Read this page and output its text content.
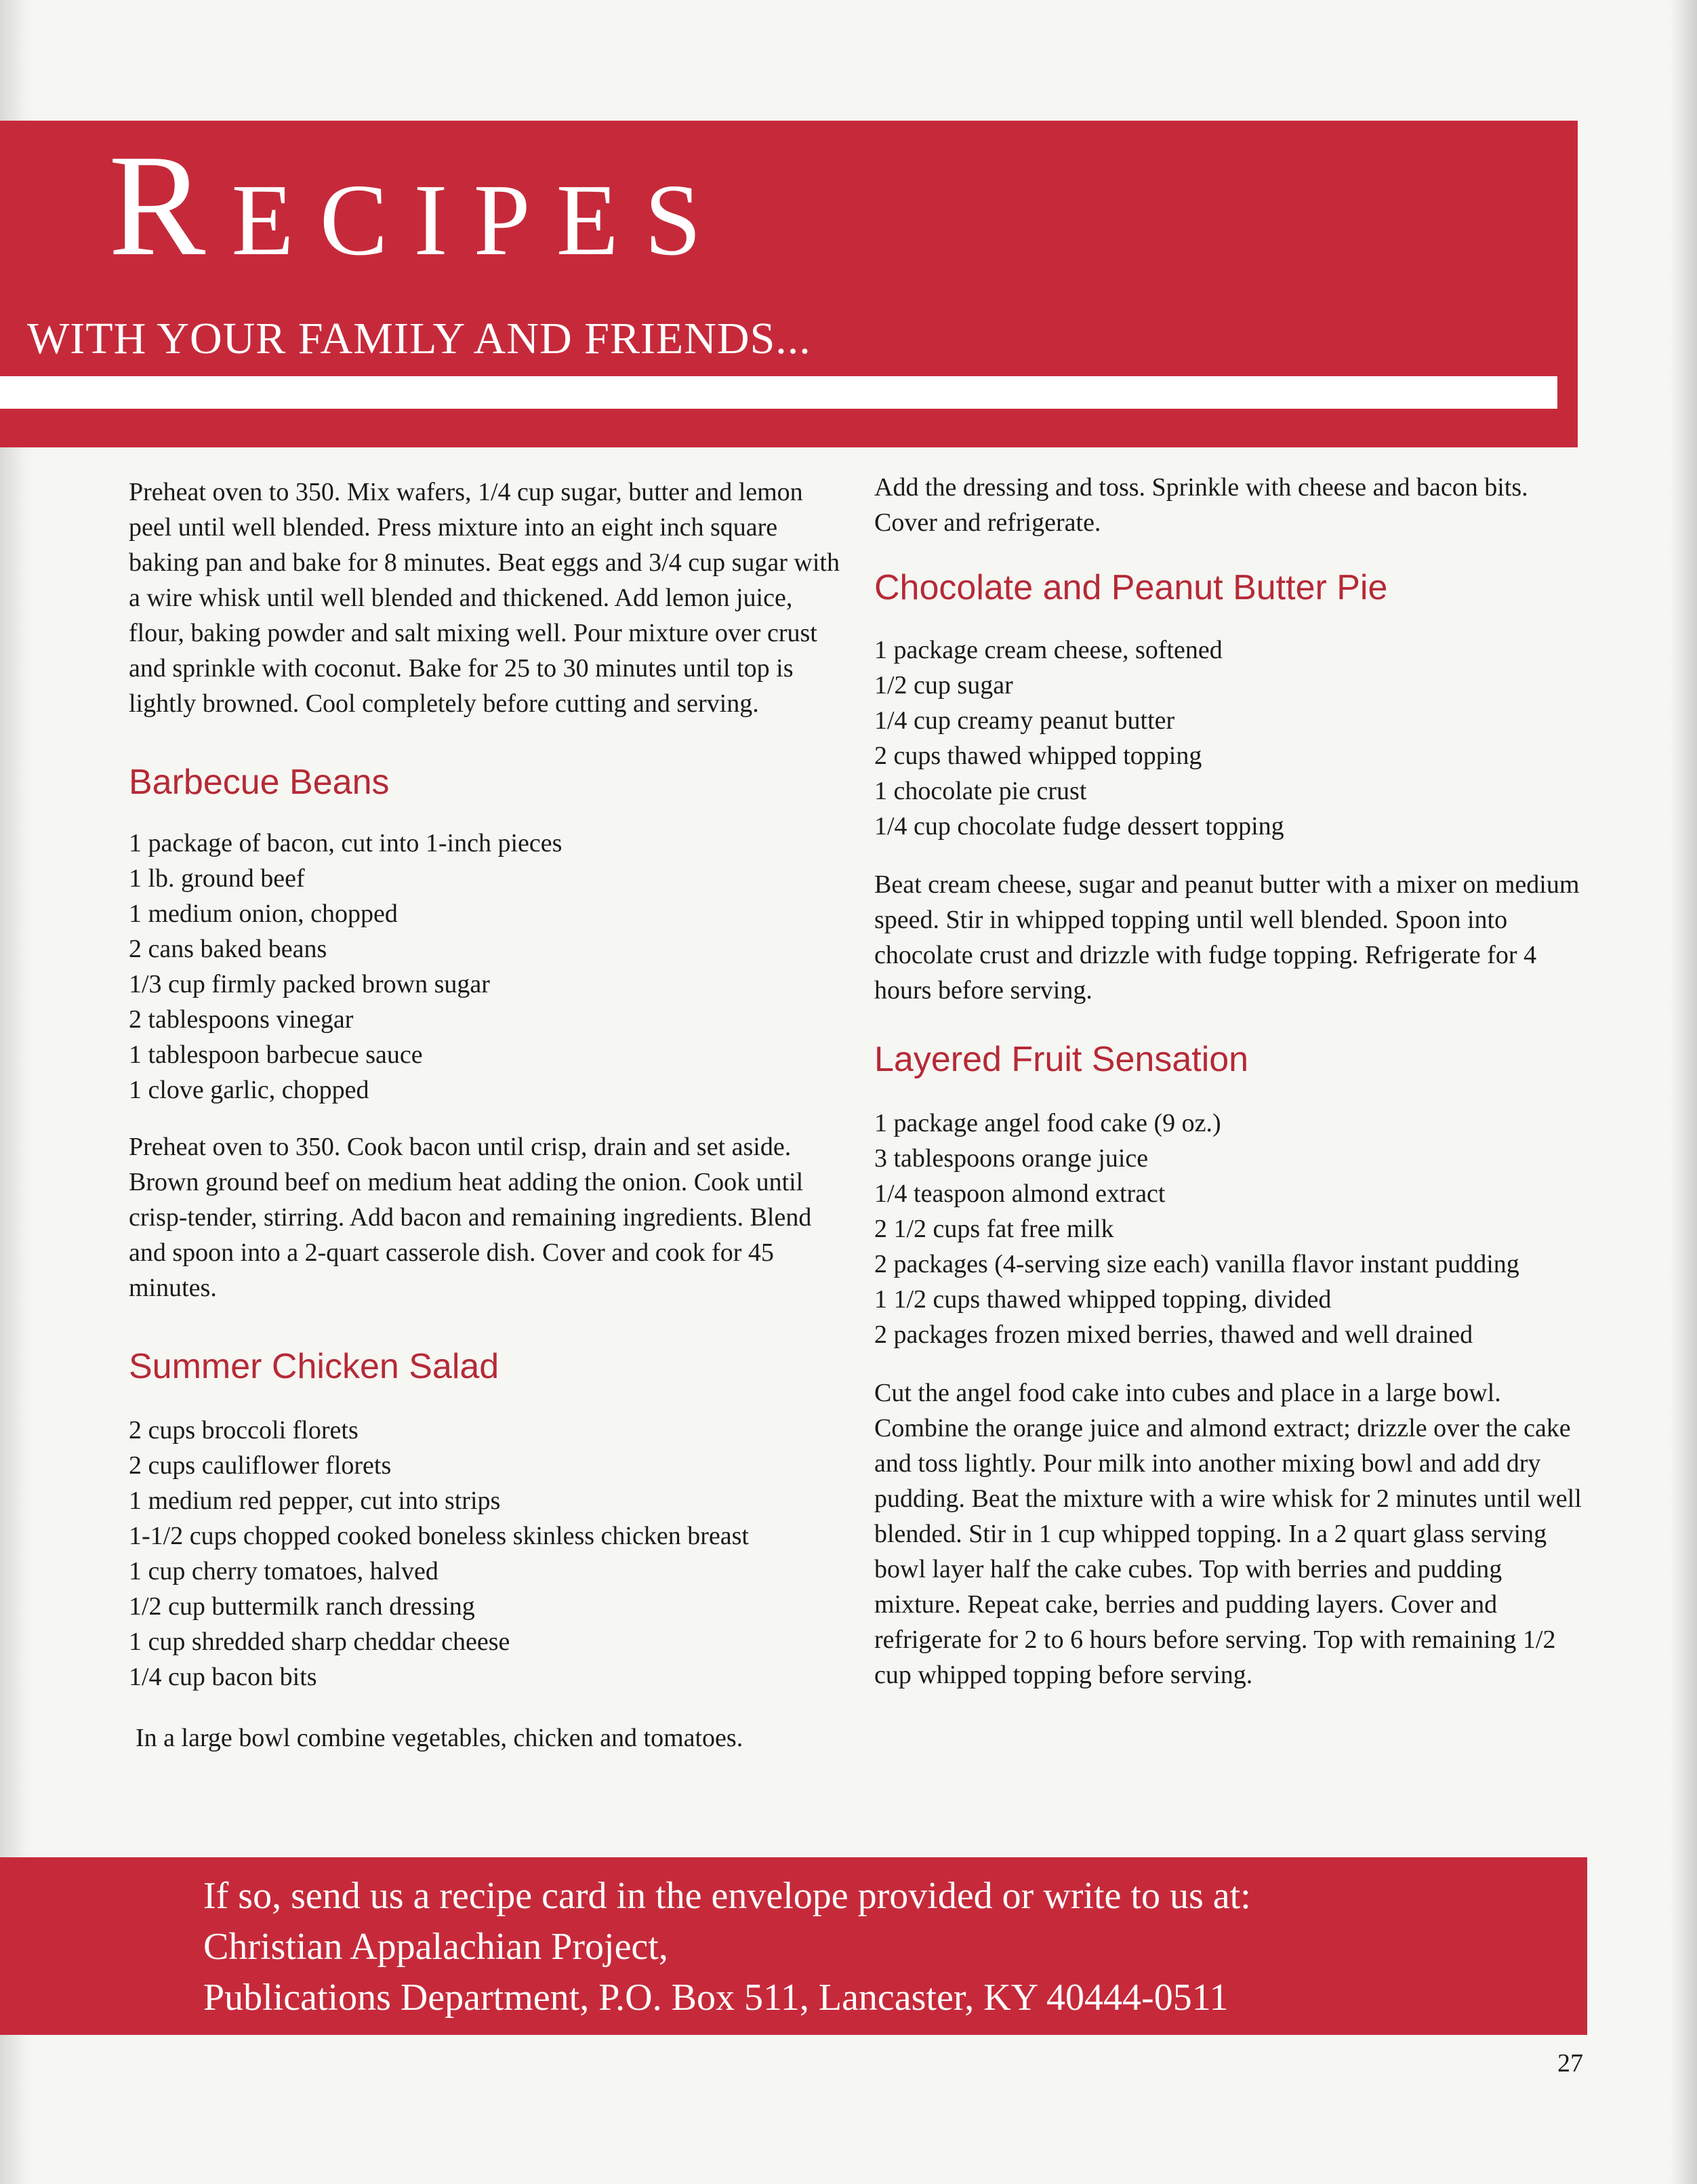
Recipes
WITH YOUR FAMILY AND FRIENDS...

Preheat oven to 350. Mix wafers, 1/4 cup sugar, butter and lemon peel until well blended. Press mixture into an eight inch square baking pan and bake for 8 minutes. Beat eggs and 3/4 cup sugar with a wire whisk until well blended and thickened. Add lemon juice, flour, baking powder and salt mixing well. Pour mixture over crust and sprinkle with coconut. Bake for 25 to 30 minutes until top is lightly browned. Cool completely before cutting and serving.

Barbecue Beans
1 package of bacon, cut into 1-inch pieces
1 lb. ground beef
1 medium onion, chopped
2 cans baked beans
1/3 cup firmly packed brown sugar
2 tablespoons vinegar
1 tablespoon barbecue sauce
1 clove garlic, chopped

Preheat oven to 350. Cook bacon until crisp, drain and set aside. Brown ground beef on medium heat adding the onion. Cook until crisp-tender, stirring. Add bacon and remaining ingredients. Blend and spoon into a 2-quart casserole dish. Cover and cook for 45 minutes.

Summer Chicken Salad
2 cups broccoli florets
2 cups cauliflower florets
1 medium red pepper, cut into strips
1-1/2 cups chopped cooked boneless skinless chicken breast
1 cup cherry tomatoes, halved
1/2 cup buttermilk ranch dressing
1 cup shredded sharp cheddar cheese
1/4 cup bacon bits

In a large bowl combine vegetables, chicken and tomatoes.

Add the dressing and toss. Sprinkle with cheese and bacon bits. Cover and refrigerate.

Chocolate and Peanut Butter Pie
1 package cream cheese, softened
1/2 cup sugar
1/4 cup creamy peanut butter
2 cups thawed whipped topping
1 chocolate pie crust
1/4 cup chocolate fudge dessert topping

Beat cream cheese, sugar and peanut butter with a mixer on medium speed. Stir in whipped topping until well blended. Spoon into chocolate crust and drizzle with fudge topping. Refrigerate for 4 hours before serving.

Layered Fruit Sensation
1 package angel food cake (9 oz.)
3 tablespoons orange juice
1/4 teaspoon almond extract
2 1/2 cups fat free milk
2 packages (4-serving size each) vanilla flavor instant pudding
1 1/2 cups thawed whipped topping, divided
2 packages frozen mixed berries, thawed and well drained

Cut the angel food cake into cubes and place in a large bowl. Combine the orange juice and almond extract; drizzle over the cake and toss lightly. Pour milk into another mixing bowl and add dry pudding. Beat the mixture with a wire whisk for 2 minutes until well blended. Stir in 1 cup whipped topping. In a 2 quart glass serving bowl layer half the cake cubes. Top with berries and pudding mixture. Repeat cake, berries and pudding layers. Cover and refrigerate for 2 to 6 hours before serving. Top with remaining 1/2 cup whipped topping before serving.

If so, send us a recipe card in the envelope provided or write to us at:
Christian Appalachian Project,
Publications Department, P.O. Box 511, Lancaster, KY 40444-0511

27
